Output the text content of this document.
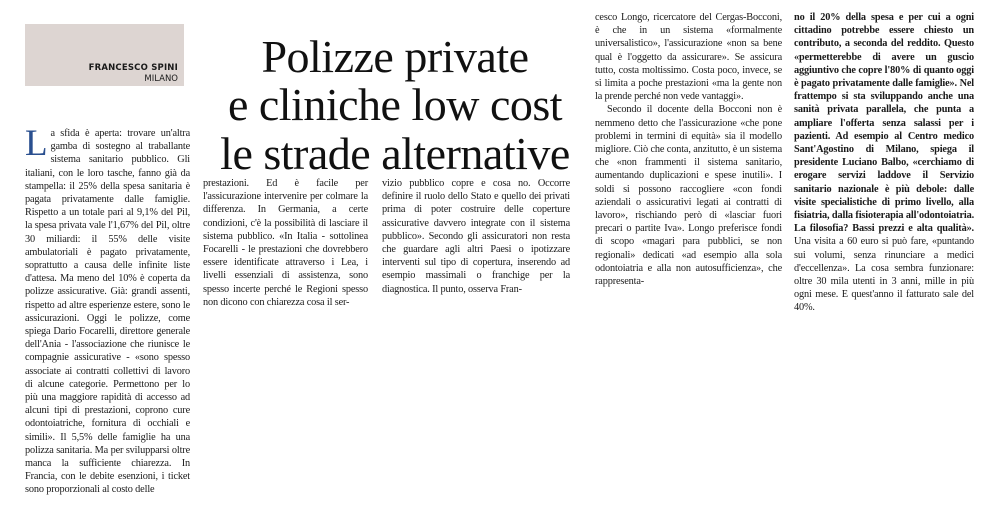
FRANCESCO SPINI
MILANO	Polizze private
e cliniche low cost
le strade alternative

La sfida è aperta: trovare un'altra gamba di sostegno al traballante sistema sanitario pubblico. Gli italiani, con le loro tasche, fanno già da stampella: il 25% della spesa sanitaria è pagata privatamente dalle famiglie. Rispetto a un totale pari al 9,1% del Pil, la spesa privata vale l'1,67% del Pil, oltre 30 miliardi: il 55% delle visite ambulatoriali è pagato privatamente, soprattutto a causa delle infinite liste d'attesa. Ma meno del 10% è coperta da polizze assicurative. Già: grandi assenti, rispetto ad altre esperienze estere, sono le assicurazioni. Oggi le polizze, come spiega Dario Focarelli, direttore generale dell'Ania - l'associazione che riunisce le compagnie assicurative - «sono spesso associate ai contratti collettivi di lavoro di alcune categorie. Permettono per lo più una maggiore rapidità di accesso ad alcuni tipi di prestazioni, coprono cure odontoiatriche, fornitura di occhiali e simili». Il 5,5% delle famiglie ha una polizza sanitaria. Ma per svilupparsi oltre manca la sufficiente chiarezza. In Francia, con le debite esenzioni, i ticket sono proporzionali al costo delle

prestazioni. Ed è facile per l'assicurazione intervenire per colmare la differenza. In Germania, a certe condizioni, c'è la possibilità di lasciare il sistema pubblico. «In Italia - sottolinea Focarelli - le prestazioni che dovrebbero essere identificate attraverso i Lea, i livelli essenziali di assistenza, sono spesso incerte perché le Regioni spesso non dicono con chiarezza cosa il ser-

vizio pubblico copre e cosa no. Occorre definire il ruolo dello Stato e quello dei privati prima di poter costruire delle coperture assicurative davvero integrate con il sistema pubblico». Secondo gli assicuratori non resta che guardare agli altri Paesi o ipotizzare interventi sul tipo di copertura, inserendo ad esempio massimali o franchige per la diagnostica. Il punto, osserva Fran-

cesco Longo, ricercatore del Cergas-Bocconi, è che in un sistema «formalmente universalistico», l'assicurazione «non sa bene qual è l'oggetto da assicurare». Se assicura tutto, costa moltissimo. Costa poco, invece, se si limita a poche prestazioni «ma la gente non la prende perché non vede vantaggi».

Secondo il docente della Bocconi non è nemmeno detto che l'assicurazione «che pone problemi in termini di equità» sia il modello migliore. Ciò che conta, anzitutto, è un sistema che «non frammenti il sistema sanitario, aumentando duplicazioni e spese inutili». I soldi si possono raccogliere «con fondi aziendali o assicurativi legati ai contratti di lavoro», rischiando però di «lasciar fuori precari o partite Iva». Longo preferisce fondi di scopo «magari para pubblici, se non regionali» dedicati «ad esempio alla sola odontoiatria e alla non autosufficienza», che rappresenta-

no il 20% della spesa e per cui a ogni cittadino potrebbe essere chiesto un contributo, a seconda del reddito. Questo «permetterebbe di avere un guscio aggiuntivo che copre l'80% di quanto oggi è pagato privatamente dalle famiglie». Nel frattempo si sta sviluppando anche una sanità privata parallela, che punta a ampliare l'offerta senza salassi per i pazienti. Ad esempio al Centro medico Sant'Agostino di Milano, spiega il presidente Luciano Balbo, «cerchiamo di erogare servizi laddove il Servizio sanitario nazionale è più debole: dalle visite specialistiche di primo livello, alla fisiatria, dalla fisioterapia all'odontoiatria. La filosofia? Bassi prezzi e alta qualità». Una visita a 60 euro si può fare, «puntando sui volumi, senza rinunciare a medici d'eccellenza». La cosa sembra funzionare: oltre 30 mila utenti in 3 anni, mille in più ogni mese. E quest'anno il fatturato sale del 40%.
